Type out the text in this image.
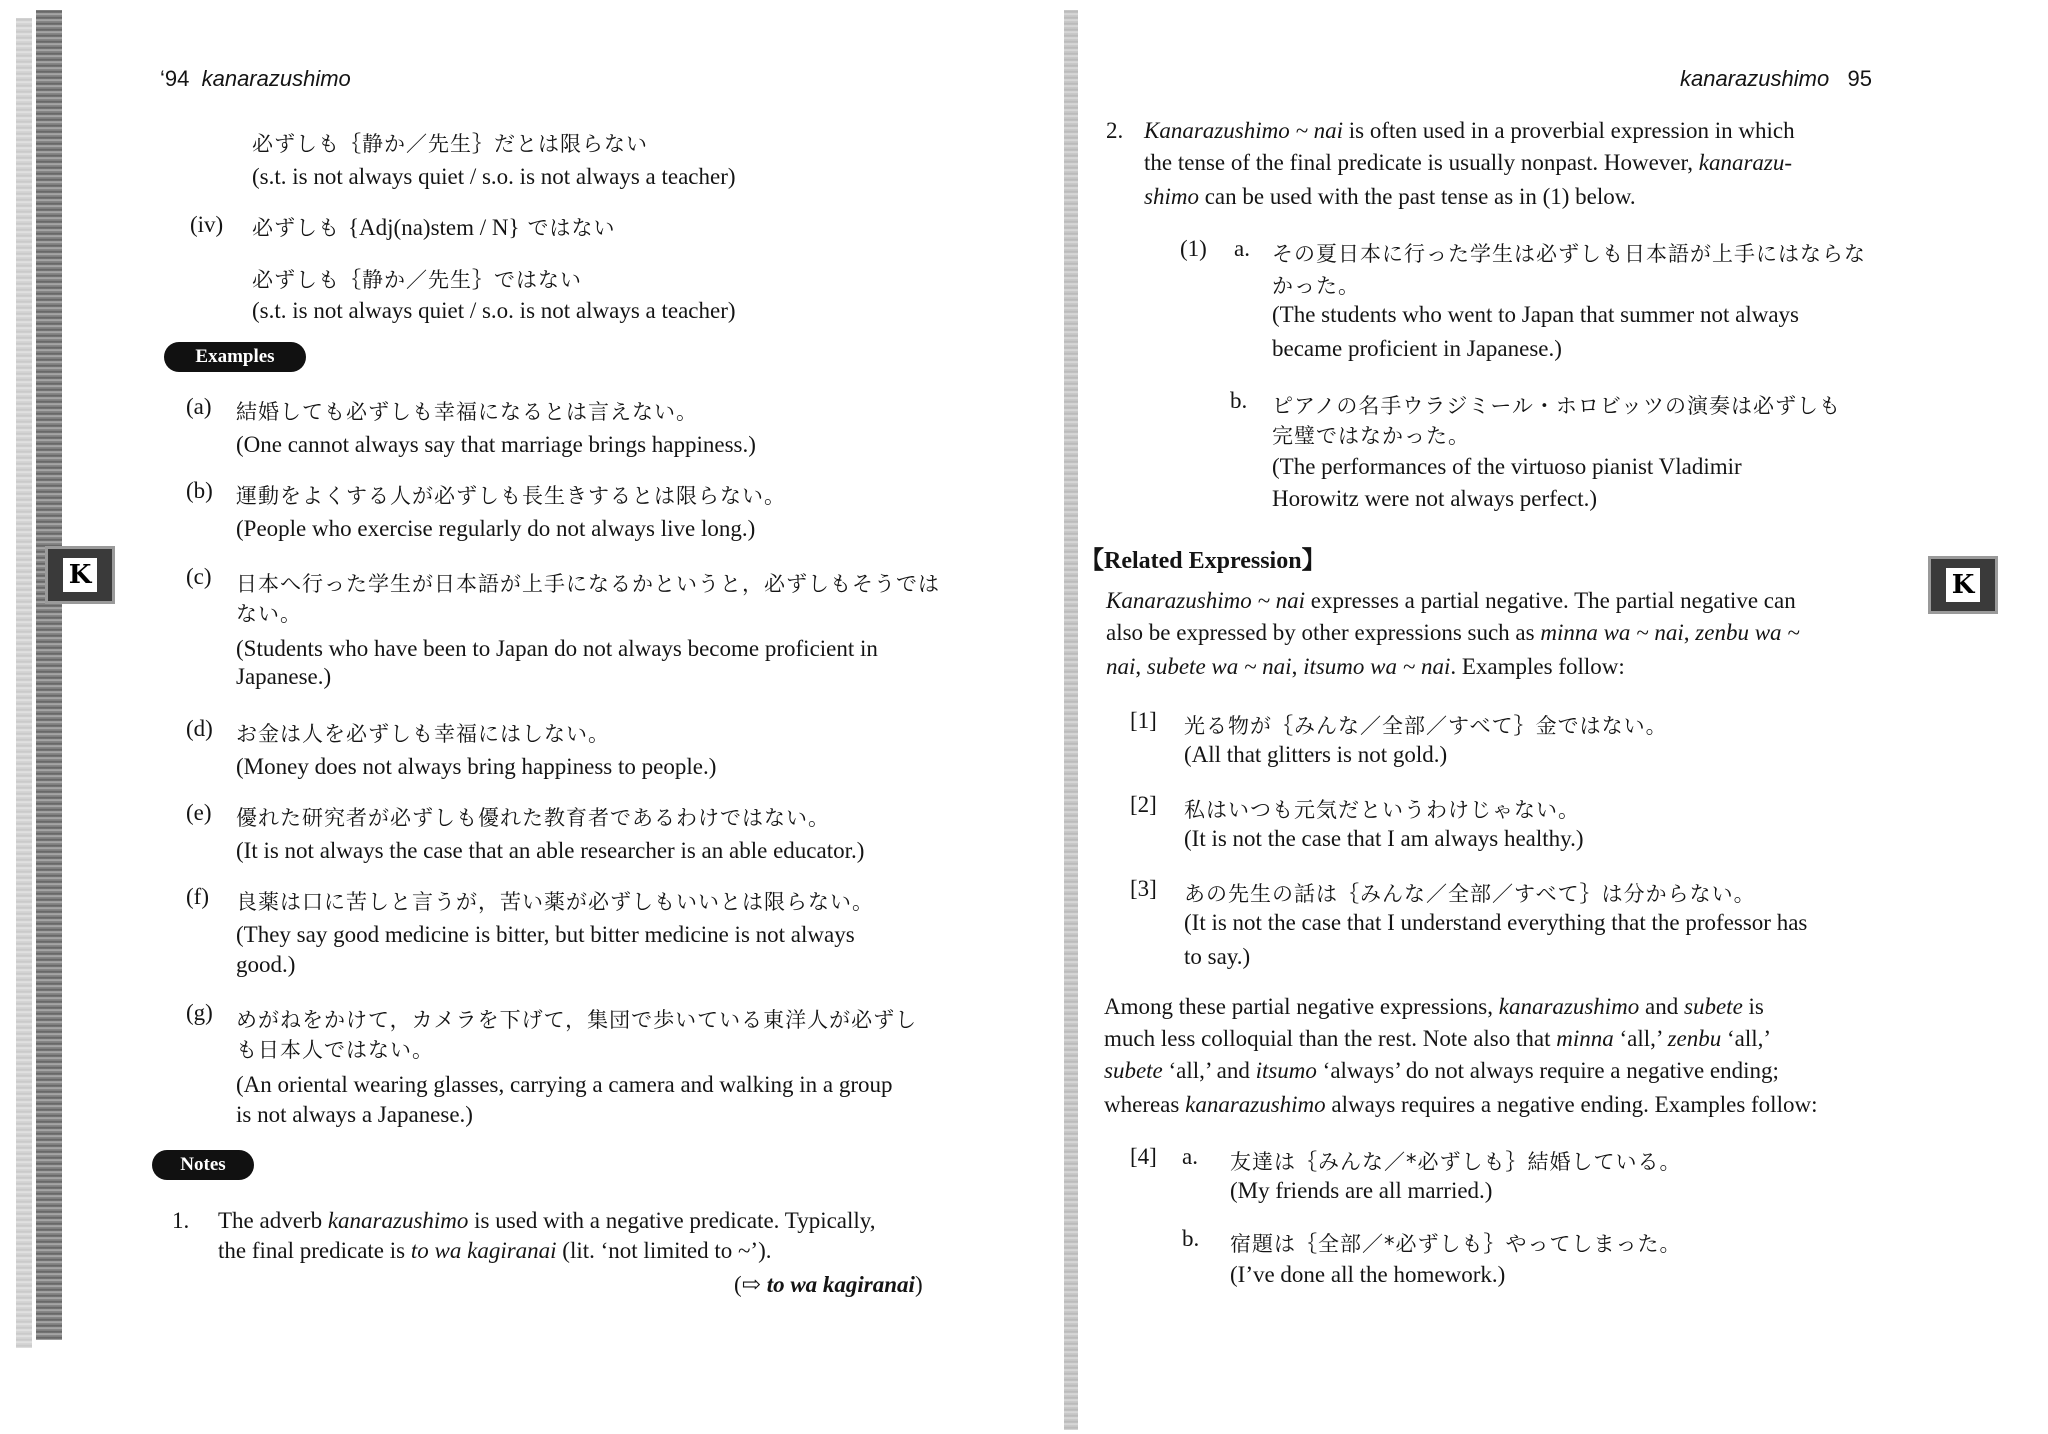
K
‘94 kanarazushimo
必ずしも｛静か／先生｝だとは限らない
(s.t. is not always quiet / s.o. is not always a teacher)
(iv) 必ずしも {Adj(na)stem / N} ではない
必ずしも｛静か／先生｝ではない
(s.t. is not always quiet / s.o. is not always a teacher)
Examples
(a) 結婚しても必ずしも幸福になるとは言えない。
(One cannot always say that marriage brings happiness.)
(b) 運動をよくする人が必ずしも長生きするとは限らない。
(People who exercise regularly do not always live long.)
(c) 日本へ行った学生が日本語が上手になるかというと，必ずしもそうでは
ない。
(Students who have been to Japan do not always become proficient in
Japanese.)
(d) お金は人を必ずしも幸福にはしない。
(Money does not always bring happiness to people.)
(e) 優れた研究者が必ずしも優れた教育者であるわけではない。
(It is not always the case that an able researcher is an able educator.)
(f) 良薬は口に苦しと言うが，苦い薬が必ずしもいいとは限らない。
(They say good medicine is bitter, but bitter medicine is not always
good.)
(g) めがねをかけて，カメラを下げて，集団で歩いている東洋人が必ずし
も日本人ではない。
(An oriental wearing glasses, carrying a camera and walking in a group
is not always a Japanese.)
Notes
1. The adverb kanarazushimo is used with a negative predicate. Typically,
the final predicate is to wa kagiranai (lit. ‘not limited to ~’).
(⇨ to wa kagiranai)
K
kanarazushimo 95
2. Kanarazushimo ~ nai is often used in a proverbial expression in which
the tense of the final predicate is usually nonpast. However, kanarazu-
shimo can be used with the past tense as in (1) below.
(1) a. その夏日本に行った学生は必ずしも日本語が上手にはならな
かった。
(The students who went to Japan that summer not always
became proficient in Japanese.)
b. ピアノの名手ウラジミール・ホロビッツの演奏は必ずしも
完璧ではなかった。
(The performances of the virtuoso pianist Vladimir
Horowitz were not always perfect.)
【Related Expression】
Kanarazushimo ~ nai expresses a partial negative. The partial negative can
also be expressed by other expressions such as minna wa ~ nai, zenbu wa ~
nai, subete wa ~ nai, itsumo wa ~ nai. Examples follow:
[1] 光る物が｛みんな／全部／すべて｝金ではない。
(All that glitters is not gold.)
[2] 私はいつも元気だというわけじゃない。
(It is not the case that I am always healthy.)
[3] あの先生の話は｛みんな／全部／すべて｝は分からない。
(It is not the case that I understand everything that the professor has
to say.)
Among these partial negative expressions, kanarazushimo and subete is
much less colloquial than the rest. Note also that minna ‘all,’ zenbu ‘all,’
subete ‘all,’ and itsumo ‘always’ do not always require a negative ending;
whereas kanarazushimo always requires a negative ending. Examples follow:
[4] a. 友達は｛みんな／*必ずしも｝結婚している。
(My friends are all married.)
b. 宿題は｛全部／*必ずしも｝やってしまった。
(I’ve done all the homework.)
